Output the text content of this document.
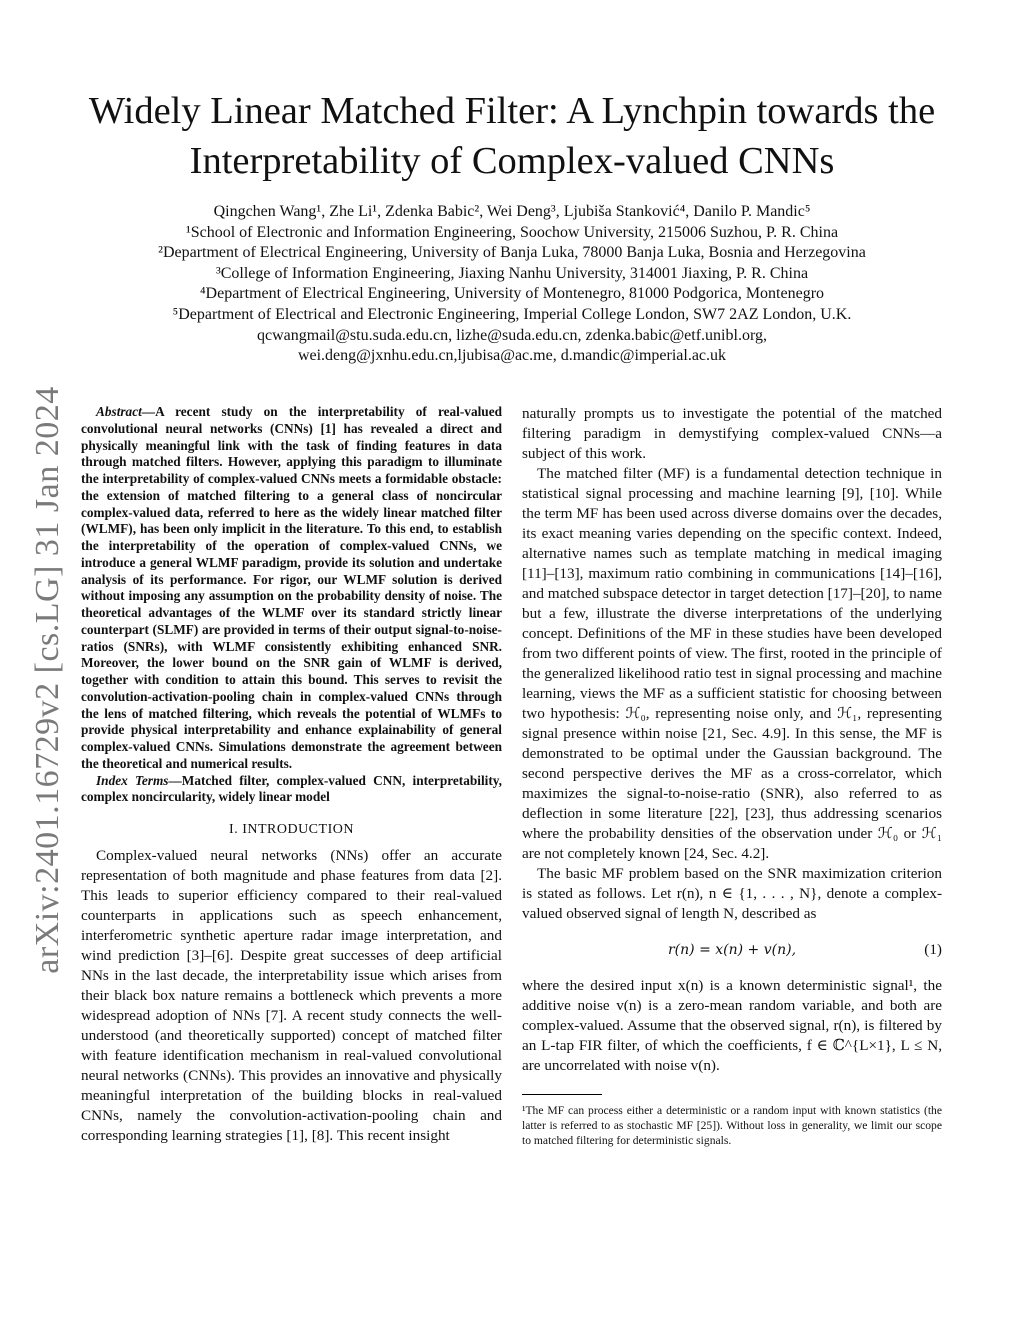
arXiv:2401.16729v2 [cs.LG] 31 Jan 2024
Widely Linear Matched Filter: A Lynchpin towards the Interpretability of Complex-valued CNNs
Qingchen Wang¹, Zhe Li¹, Zdenka Babic², Wei Deng³, Ljubiša Stanković⁴, Danilo P. Mandic⁵
¹School of Electronic and Information Engineering, Soochow University, 215006 Suzhou, P. R. China
²Department of Electrical Engineering, University of Banja Luka, 78000 Banja Luka, Bosnia and Herzegovina
³College of Information Engineering, Jiaxing Nanhu University, 314001 Jiaxing, P. R. China
⁴Department of Electrical Engineering, University of Montenegro, 81000 Podgorica, Montenegro
⁵Department of Electrical and Electronic Engineering, Imperial College London, SW7 2AZ London, U.K.
qcwangmail@stu.suda.edu.cn, lizhe@suda.edu.cn, zdenka.babic@etf.unibl.org,
wei.deng@jxnhu.edu.cn,ljubisa@ac.me, d.mandic@imperial.ac.uk

Abstract—A recent study on the interpretability of real-valued convolutional neural networks (CNNs) [1] has revealed a direct and physically meaningful link with the task of finding features in data through matched filters. However, applying this paradigm to illuminate the interpretability of complex-valued CNNs meets a formidable obstacle: the extension of matched filtering to a general class of noncircular complex-valued data, referred to here as the widely linear matched filter (WLMF), has been only implicit in the literature. To this end, to establish the interpretability of the operation of complex-valued CNNs, we introduce a general WLMF paradigm, provide its solution and undertake analysis of its performance. For rigor, our WLMF solution is derived without imposing any assumption on the probability density of noise. The theoretical advantages of the WLMF over its standard strictly linear counterpart (SLMF) are provided in terms of their output signal-to-noise-ratios (SNRs), with WLMF consistently exhibiting enhanced SNR. Moreover, the lower bound on the SNR gain of WLMF is derived, together with condition to attain this bound. This serves to revisit the convolution-activation-pooling chain in complex-valued CNNs through the lens of matched filtering, which reveals the potential of WLMFs to provide physical interpretability and enhance explainability of general complex-valued CNNs. Simulations demonstrate the agreement between the theoretical and numerical results.

Index Terms—Matched filter, complex-valued CNN, interpretability, complex noncircularity, widely linear model

I. INTRODUCTION

Complex-valued neural networks (NNs) offer an accurate representation of both magnitude and phase features from data [2]. This leads to superior efficiency compared to their real-valued counterparts in applications such as speech enhancement, interferometric synthetic aperture radar image interpretation, and wind prediction [3]–[6]. Despite great successes of deep artificial NNs in the last decade, the interpretability issue which arises from their black box nature remains a bottleneck which prevents a more widespread adoption of NNs [7]. A recent study connects the well-understood (and theoretically supported) concept of matched filter with feature identification mechanism in real-valued convolutional neural networks (CNNs). This provides an innovative and physically meaningful interpretation of the building blocks in real-valued CNNs, namely the convolution-activation-pooling chain and corresponding learning strategies [1], [8]. This recent insight

naturally prompts us to investigate the potential of the matched filtering paradigm in demystifying complex-valued CNNs—a subject of this work.

The matched filter (MF) is a fundamental detection technique in statistical signal processing and machine learning [9], [10]. While the term MF has been used across diverse domains over the decades, its exact meaning varies depending on the specific context. Indeed, alternative names such as template matching in medical imaging [11]–[13], maximum ratio combining in communications [14]–[16], and matched subspace detector in target detection [17]–[20], to name but a few, illustrate the diverse interpretations of the underlying concept. Definitions of the MF in these studies have been developed from two different points of view. The first, rooted in the principle of the generalized likelihood ratio test in signal processing and machine learning, views the MF as a sufficient statistic for choosing between two hypothesis: ℋ₀, representing noise only, and ℋ₁, representing signal presence within noise [21, Sec. 4.9]. In this sense, the MF is demonstrated to be optimal under the Gaussian background. The second perspective derives the MF as a cross-correlator, which maximizes the signal-to-noise-ratio (SNR), also referred to as deflection in some literature [22], [23], thus addressing scenarios where the probability densities of the observation under ℋ₀ or ℋ₁ are not completely known [24, Sec. 4.2].

The basic MF problem based on the SNR maximization criterion is stated as follows. Let r(n), n ∈ {1, . . . , N}, denote a complex-valued observed signal of length N, described as

r(n) = x(n) + v(n),	(1)

where the desired input x(n) is a known deterministic signal¹, the additive noise v(n) is a zero-mean random variable, and both are complex-valued. Assume that the observed signal, r(n), is filtered by an L-tap FIR filter, of which the coefficients, f ∈ ℂ^{L×1}, L ≤ N, are uncorrelated with noise v(n).

¹The MF can process either a deterministic or a random input with known statistics (the latter is referred to as stochastic MF [25]). Without loss in generality, we limit our scope to matched filtering for deterministic signals.
